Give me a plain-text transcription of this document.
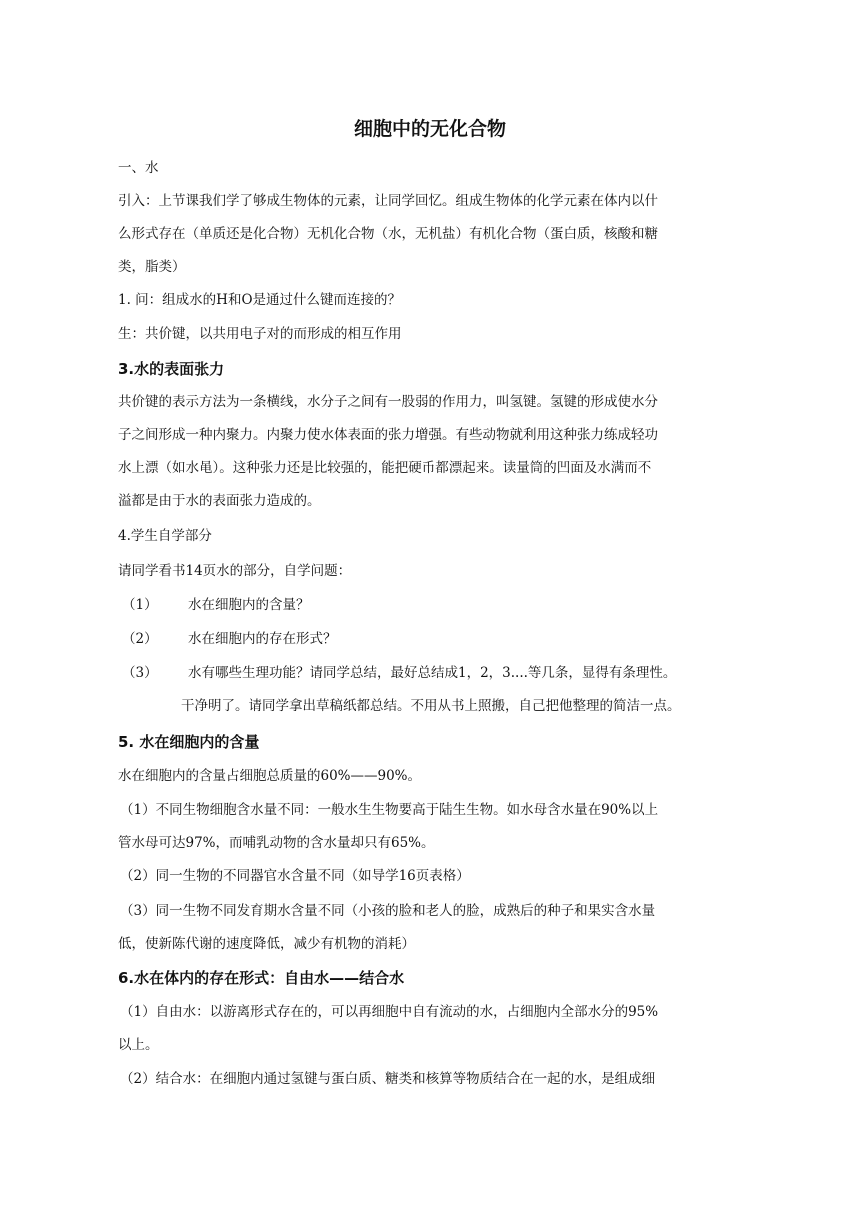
细胞中的无化合物
一、水
引入：上节课我们学了够成生物体的元素，让同学回忆。组成生物体的化学元素在体内以什
么形式存在（单质还是化合物）无机化合物（水，无机盐）有机化合物（蛋白质，核酸和糖
类，脂类）
1. 问：组成水的H和O是通过什么键而连接的？
生：共价键，以共用电子对的而形成的相互作用
3.水的表面张力
共价键的表示方法为一条横线，水分子之间有一股弱的作用力，叫氢键。氢键的形成使水分
子之间形成一种内聚力。内聚力使水体表面的张力增强。有些动物就利用这种张力练成轻功
水上漂（如水黾）。这种张力还是比较强的，能把硬币都漂起来。读量筒的凹面及水满而不
溢都是由于水的表面张力造成的。
4.学生自学部分
请同学看书14页水的部分，自学问题：
（1） 水在细胞内的含量？
（2） 水在细胞内的存在形式？
（3） 水有哪些生理功能？请同学总结，最好总结成1，2，3....等几条，显得有条理性。
干净明了。请同学拿出草稿纸都总结。不用从书上照搬，自己把他整理的简洁一点。
5. 水在细胞内的含量
水在细胞内的含量占细胞总质量的60%——90%。
（1）不同生物细胞含水量不同：一般水生生物要高于陆生生物。如水母含水量在90%以上
管水母可达97%，而哺乳动物的含水量却只有65%。
（2）同一生物的不同器官水含量不同（如导学16页表格）
（3）同一生物不同发育期水含量不同（小孩的脸和老人的脸，成熟后的种子和果实含水量
低，使新陈代谢的速度降低，减少有机物的消耗）
6.水在体内的存在形式：自由水——结合水
（1）自由水：以游离形式存在的，可以再细胞中自有流动的水，占细胞内全部水分的95%
以上。
（2）结合水：在细胞内通过氢键与蛋白质、糖类和核算等物质结合在一起的水，是组成细
